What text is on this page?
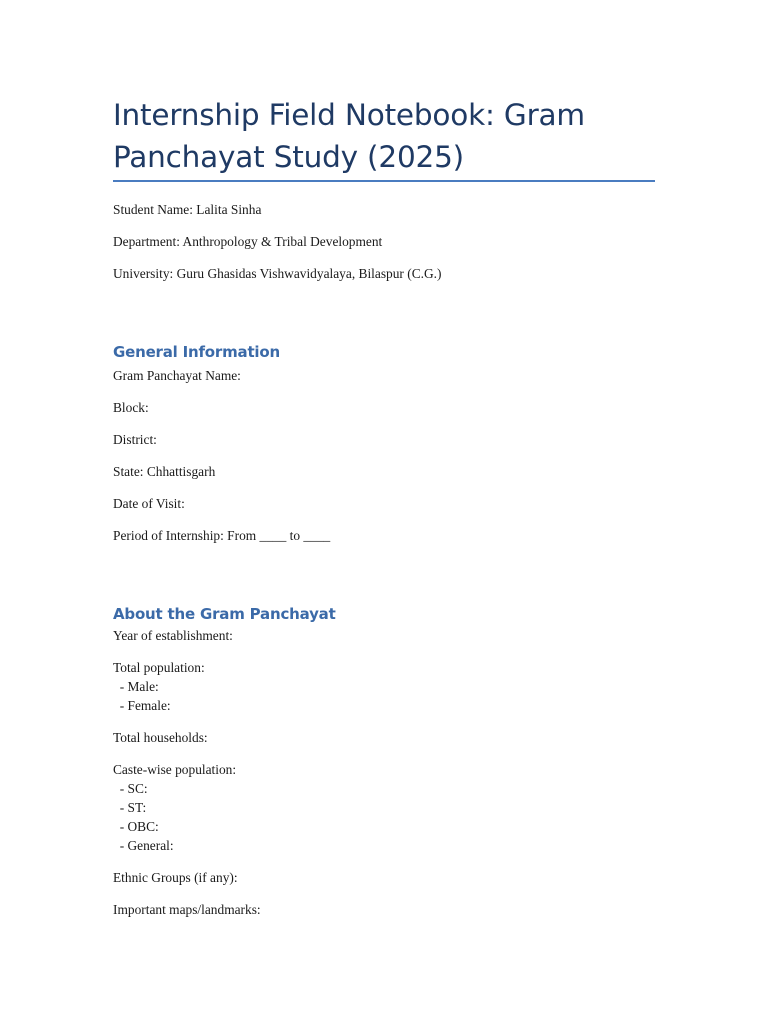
Internship Field Notebook: Gram Panchayat Study (2025)

Student Name: Lalita Sinha

Department: Anthropology & Tribal Development

University: Guru Ghasidas Vishwavidyalaya, Bilaspur (C.G.)

General Information

Gram Panchayat Name:

Block:

District:

State: Chhattisgarh

Date of Visit:

Period of Internship: From ____ to ____

About the Gram Panchayat

Year of establishment:

Total population:

- Male:

- Female:

Total households:

Caste-wise population:

- SC:

- ST:

- OBC:

- General:

Ethnic Groups (if any):

Important maps/landmarks:
